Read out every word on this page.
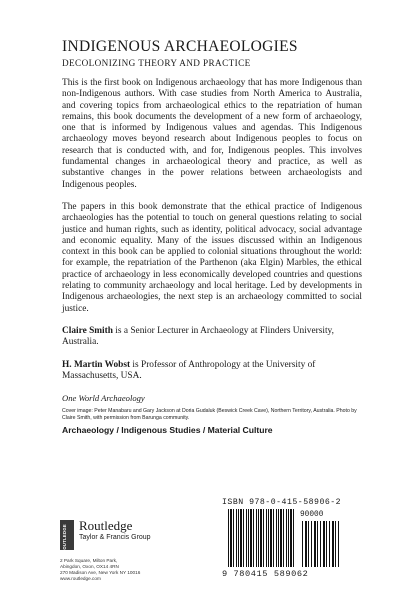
INDIGENOUS ARCHAEOLOGIES
DECOLONIZING THEORY AND PRACTICE

This is the first book on Indigenous archaeology that has more Indigenous than non-Indigenous authors. With case studies from North America to Australia, and covering topics from archaeological ethics to the repatriation of human remains, this book documents the development of a new form of archaeology, one that is informed by Indigenous values and agendas. This Indigenous archaeology moves beyond research about Indigenous peoples to focus on research that is conducted with, and for, Indigenous peoples. This involves fundamental changes in archaeological theory and practice, as well as substantive changes in the power relations between archaeologists and Indigenous peoples.

The papers in this book demonstrate that the ethical practice of Indigenous archaeologies has the potential to touch on general questions relating to social justice and human rights, such as identity, political advocacy, social advantage and economic equality. Many of the issues discussed within an Indigenous context in this book can be applied to colonial situations throughout the world: for example, the repatriation of the Parthenon (aka Elgin) Marbles, the ethical practice of archaeology in less economically developed countries and questions relating to community archaeology and local heritage. Led by developments in Indigenous archaeologies, the next step is an archaeology committed to social justice.

Claire Smith is a Senior Lecturer in Archaeology at Flinders University, Australia.

H. Martin Wobst is Professor of Anthropology at the University of Massachusetts, USA.

One World Archaeology
Cover image: Peter Manabaru and Gary Jackson at Doria Gudaluk (Beswick Creek Cave), Northern Territory, Australia. Photo by Claire Smith, with permission from Barunga community.
Archaeology / Indigenous Studies / Material Culture
ROUTLEDGE Routledge
Taylor & Francis Group
2 Park Square, Milton Park,
Abingdon, Oxon, OX14 4RN
270 Madison Ave, New York NY 10016
www.routledge.com
ISBN 978-0-415-58906-2
90000
9 780415 589062
